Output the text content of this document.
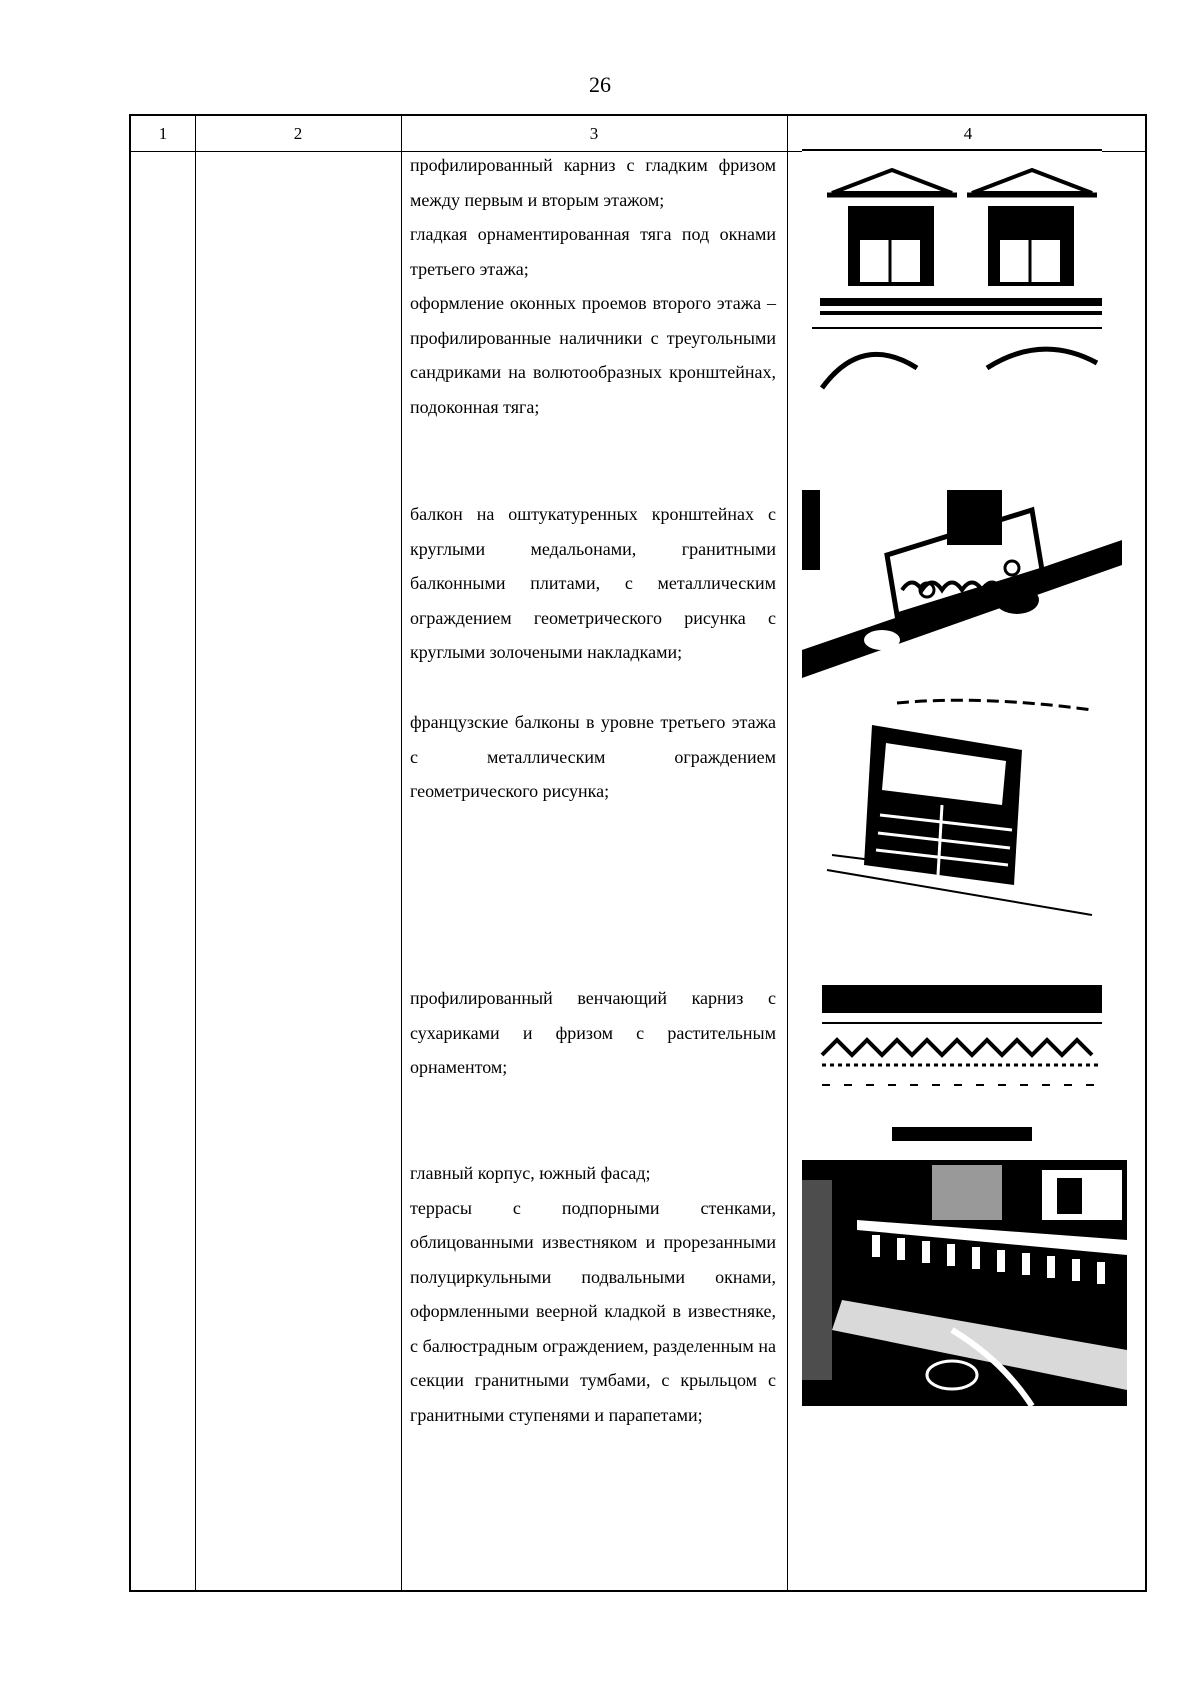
26
1	2	3	4

профилированный карниз с гладким фризом между первым и вторым этажом;

гладкая орнаментированная тяга под окнами третьего этажа;

оформление оконных проемов второго этажа – профилированные наличники с треугольными сандриками на волютообразных кронштейнах, подоконная тяга;

балкон на оштукатуренных кронштейнах с круглыми медальонами, гранитными балконными плитами, с металлическим ограждением геометрического рисунка с круглыми золочеными накладками;

французские балконы в уровне третьего этажа с металлическим ограждением геометрического рисунка;

профилированный венчающий карниз с сухариками и фризом с растительным орнаментом;

главный корпус, южный фасад;

террасы с подпорными стенками, облицованными известняком и прорезанными полуциркульными подвальными окнами, оформленными веерной кладкой в известняке, с балюстрадным ограждением, разделенным на секции гранитными тумбами, с крыльцом с гранитными ступенями и парапетами;
